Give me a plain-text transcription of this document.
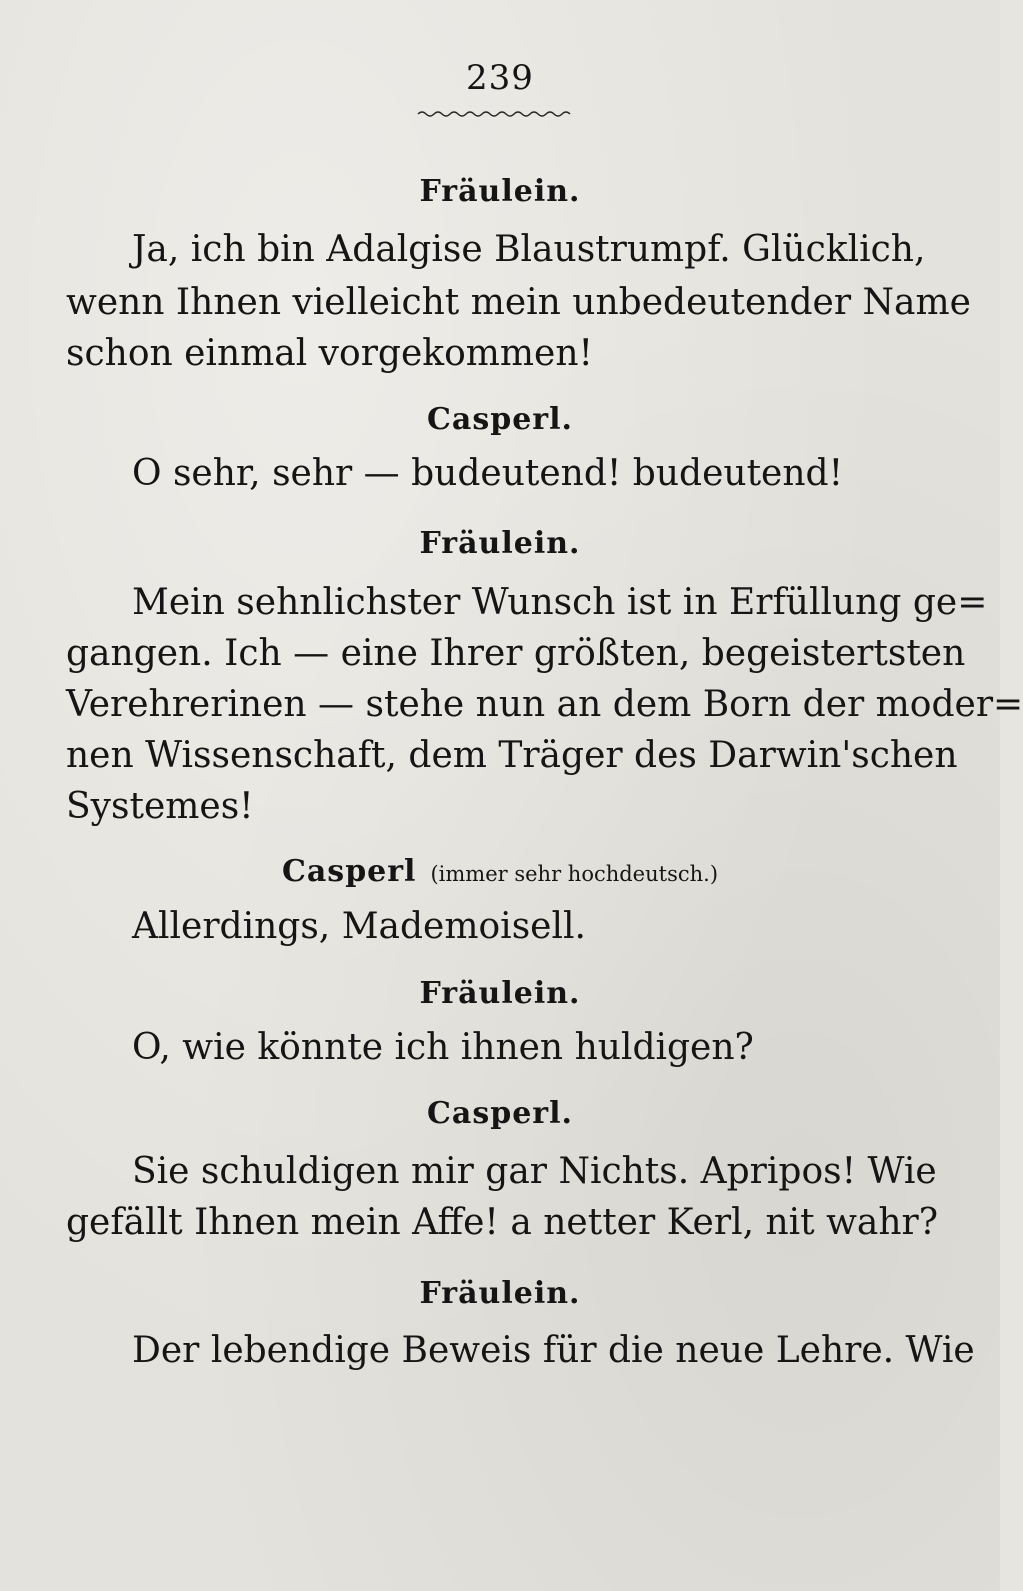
239
Fräulein.
Ja, ich bin Adalgise Blaustrumpf. Glücklich,
wenn Ihnen vielleicht mein unbedeutender Name
schon einmal vorgekommen!
Casperl.
O sehr, sehr — budeutend! budeutend!
Fräulein.
Mein sehnlichster Wunsch ist in Erfüllung ge=
gangen. Ich — eine Ihrer größten, begeistertsten
Verehrerinen — stehe nun an dem Born der moder=
nen Wissenschaft, dem Träger des Darwin'schen
Systemes!
Casperl (immer sehr hochdeutsch.)
Allerdings, Mademoisell.
Fräulein.
O, wie könnte ich ihnen huldigen?
Casperl.
Sie schuldigen mir gar Nichts. Apripos! Wie
gefällt Ihnen mein Affe! a netter Kerl, nit wahr?
Fräulein.
Der lebendige Beweis für die neue Lehre. Wie
